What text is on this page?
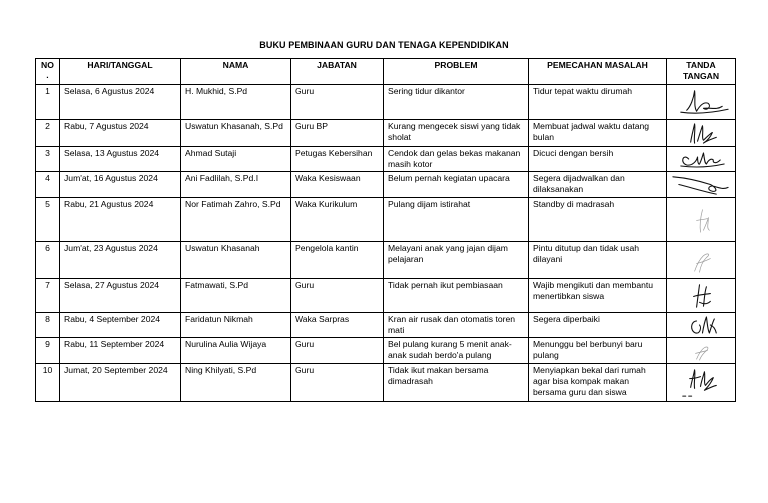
BUKU PEMBINAAN GURU DAN TENAGA KEPENDIDIKAN
NO
.	HARI/TANGGAL	NAMA	JABATAN	PROBLEM	PEMECAHAN MASALAH	TANDA
TANGAN
1	Selasa, 6 Agustus 2024	H. Mukhid, S.Pd	Guru	Sering tidur dikantor	Tidur tepat waktu dirumah	

2	Rabu, 7 Agustus 2024	Uswatun Khasanah, S.Pd	Guru BP	Kurang mengecek siswi yang tidak sholat	Membuat jadwal waktu datang bulan	

3	Selasa, 13 Agustus 2024	Ahmad Sutaji	Petugas Kebersihan	Cendok dan gelas bekas makanan masih kotor	Dicuci dengan bersih	

4	Jum'at, 16 Agustus 2024	Ani Fadlilah, S.Pd.I	Waka Kesiswaan	Belum pernah kegiatan upacara	Segera dijadwalkan dan dilaksanakan	

5	Rabu, 21 Agustus 2024	Nor Fatimah Zahro, S.Pd	Waka Kurikulum	Pulang dijam istirahat	Standby di madrasah	

6	Jum'at, 23 Agustus 2024	Uswatun Khasanah	Pengelola kantin	Melayani anak yang jajan dijam pelajaran	Pintu ditutup dan tidak usah dilayani	

7	Selasa, 27 Agustus 2024	Fatmawati, S.Pd	Guru	Tidak pernah ikut pembiasaan	Wajib mengikuti dan membantu menertibkan siswa	

8	Rabu, 4 September 2024	Faridatun Nikmah	Waka Sarpras	Kran air rusak dan otomatis toren mati	Segera diperbaiki	

9	Rabu, 11 September 2024	Nurulina Aulia Wijaya	Guru	Bel pulang kurang 5 menit anak-anak sudah berdo'a pulang	Menunggu bel berbunyi baru pulang	

10	Jumat, 20 September 2024	Ning Khilyati, S.Pd	Guru	Tidak ikut makan bersama dimadrasah	Menyiapkan bekal dari rumah agar bisa kompak makan bersama guru dan siswa	
